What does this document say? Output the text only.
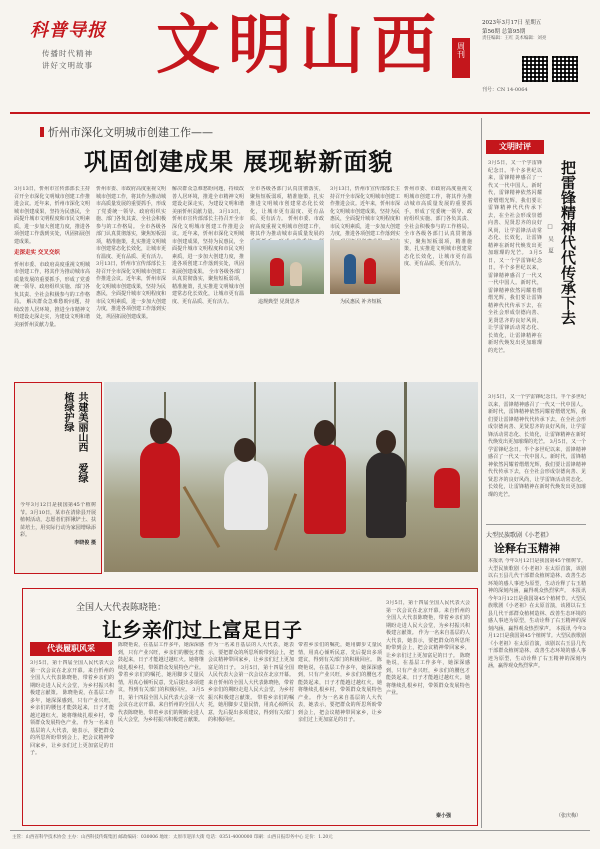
科普导报
传播时代精神
讲好文明故事 文明山西 周刊
2023年3月17日 星期五
第56期 总第95期
责任编辑：王红 美术编辑：刘亮
刊号：CN 14-0064
忻州市深化文明城市创建工作——
巩固创建成果 展现崭新面貌
3月13日，忻州市宣传部部长主持召开全市深化文明城市创建工作推进会议。近年来，忻州市深化文明城市创建成果，坚持为民惠民，全面提升城市文明程度和市民文明素质，进一步加大创建力度，推进各项创建工作落到实处，巩固拓展创建成果。
走深走实 交叉交织
忻州市委、市政府高度重视文明城市创建工作，将其作为推动城市高质量发展的重要抓手，形成了党委统一领导、政府组织实施、部门各负其责、全社会积极参与的工作格局。 解决群众急难愁盼问题，持续改善人居环境，推进全市精神文明建设走深走实，为建设文明和谐美丽忻州贡献力量。
忻州市委、市政府高度重视文明城市创建工作，将其作为推动城市高质量发展的重要抓手，形成了党委统一领导、政府组织实施、部门各负其责、全社会积极参与的工作格局。 全市各级各部门认真贯彻落实，聚焦短板弱项，精准施策，扎实推进文明城市创建常态化长效化，让城市更有温度、更有品质、更有活力。 3月13日，忻州市宣传部部长主持召开全市深化文明城市创建工作推进会议。近年来，忻州市深化文明城市创建成果，坚持为民惠民，全面提升城市文明程度和市民文明素质，进一步加大创建力度，推进各项创建工作落到实处，巩固拓展创建成果。
解决群众急难愁盼问题，持续改善人居环境，推进全市精神文明建设走深走实，为建设文明和谐美丽忻州贡献力量。 3月13日，忻州市宣传部部长主持召开全市深化文明城市创建工作推进会议。近年来，忻州市深化文明城市创建成果，坚持为民惠民，全面提升城市文明程度和市民文明素质，进一步加大创建力度，推进各项创建工作落到实处，巩固拓展创建成果。 全市各级各部门认真贯彻落实，聚焦短板弱项，精准施策，扎实推进文明城市创建常态化长效化，让城市更有温度、更有品质、更有活力。
全市各级各部门认真贯彻落实，聚焦短板弱项，精准施策，扎实推进文明城市创建常态化长效化，让城市更有温度、更有品质、更有活力。 忻州市委、市政府高度重视文明城市创建工作，将其作为推动城市高质量发展的
3月13日，忻州市宣传部部长主持召开全市深化文明城市创建工作推进会议。近年来，忻州市深化文明城市创建成果，坚持为民惠民，全面提升城市文明程度和市民文明素质，进一步加大创建力度，推进各项创建工作落到实
忻州市委、市政府高度重视文明城市创建工作，将其作为推动城市高质量发展的重要抓手，形成了党委统一领导、政府组织实施、部门各负其责、全社会积极参与的工作格局。 全市各级各部门认真贯彻落实，聚焦短板弱项，精准施策，扎实推进文明城市创建常态化长效化，让城市更有温度、更有品质、更有活力。
违规典型 见贤思齐	为民惠民 补齐短板
共建美丽山西 爱绿植绿护绿
今年3月12日是我国第45个植树节。3月10日，某市在清徐县开展植树活动，志愿者们挥锹铲土、扶苗培土，用实际行动为家园增绿添彩。
李晓俊 摄
全国人大代表陈晓艳：
让乡亲们过上富足日子
代表履职风采
3月5日，第十四届全国人民代表大会第一次会议在北京开幕。来自忻州的全国人大代表陈晓艳，带着乡亲们的期盼走进人民大会堂，为乡村振兴积极建言献策。 陈晓艳说，在基层工作多年，她深深感到，只有产业兴旺，乡亲们的腰包才能鼓起来，日子才能越过越红火。她将继续扎根乡村，带领群众发展特色产业。 作为一名来自基层的人大代表，她表示，要把群众的所思所盼带到会上，把会议精神带回家乡，让乡亲们过上更加富足的日子。
陈晓艳说，在基层工作多年，她深深感到，只有产业兴旺，乡亲们的腰包才能鼓起来，日子才能越过越红火。她将继续扎根乡村，带领群众发展特色产业。 带着乡亲们的嘱托，她用脚步丈量民情，用真心倾听民意，先后提出多项建议，得到有关部门的积极回应。 3月5日，第十四届全国人民代表大会第一次会议在北京开幕。来自忻州的全国人大代表陈晓艳，带着乡亲们的期盼走进人民大会堂，为乡村振兴积极建言献策。
作为一名来自基层的人大代表，她表示，要把群众的所思所盼带到会上，把会议精神带回家乡，让乡亲们过上更加富足的日子。 3月5日，第十四届全国人民代表大会第一次会议在北京开幕。来自忻州的全国人大代表陈晓艳，带着乡亲们的期盼走进人民大会堂，为乡村振兴积极建言献策。 带着乡亲们的嘱托，她用脚步丈量民情，用真心倾听民意，先后提出多项建议，得到有关部门的积极回应。
带着乡亲们的嘱托，她用脚步丈量民情，用真心倾听民意，先后提出多项建议，得到有关部门的积极回应。 陈晓艳说，在基层工作多年，她深深感到，只有产业兴旺，乡亲们的腰包才能鼓起来，日子才能越过越红火。她将继续扎根乡村，带领群众发展特色产业。 作为一名来自基层的人大代表，她表示，要把群众的所思所盼带到会上，把会议精神带回家乡，让乡亲们过上更加富足的日子。
3月5日，第十四届全国人民代表大会第一次会议在北京开幕。来自忻州的全国人大代表陈晓艳，带着乡亲们的期盼走进人民大会堂，为乡村振兴积极建言献策。 作为一名来自基层的人大代表，她表示，要把群众的所思所盼带到会上，把会议精神带回家乡，让乡亲们过上更加富足的日子。 陈晓艳说，在基层工作多年，她深深感到，只有产业兴旺，乡亲们的腰包才能鼓起来，日子才能越过越红火。她将继续扎根乡村，带领群众发展特色产业。
秦小强
文明时评
把雷锋精神代代传承下去
□ 吴 夏
3月5日，又一个学雷锋纪念日。半个多世纪以来，雷锋精神感召了一代又一代中国人。新时代，雷锋精神依然闪耀着熠熠光辉，我们要让雷锋精神代代传承下去，在全社会形成崇德向善、见贤思齐的良好风尚，让学雷锋活动常态化、长效化，让雷锋精神在新时代焕发出更加璀璨的光芒。 3月5日，又一个学雷锋纪念日。半个多世纪以来，雷锋精神感召了一代又一代中国人。新时代，雷锋精神依然闪耀着熠熠光辉，我们要让雷锋精神代代传承下去，在全社会形成崇德向善、见贤思齐的良好风尚，让学雷锋活动常态化、长效化，让雷锋精神在新时代焕发出更加璀璨的光芒。
3月5日，又一个学雷锋纪念日。半个多世纪以来，雷锋精神感召了一代又一代中国人。新时代，雷锋精神依然闪耀着熠熠光辉，我们要让雷锋精神代代传承下去，在全社会形成崇德向善、见贤思齐的良好风尚，让学雷锋活动常态化、长效化，让雷锋精神在新时代焕发出更加璀璨的光芒。 3月5日，又一个学雷锋纪念日。半个多世纪以来，雷锋精神感召了一代又一代中国人。新时代，雷锋精神依然闪耀着熠熠光辉，我们要让雷锋精神代代传承下去，在全社会形成崇德向善、见贤思齐的良好风尚，让学雷锋活动常态化、长效化，让雷锋精神在新时代焕发出更加璀璨的光芒。
大型民族歌剧《小老祖》
诠释右玉精神
本报讯 今年3月12日是我国第45个植树节。大型民族歌剧《小老祖》在太原首演，该剧以右玉县几代干部群众植树造林、改善生态环境的感人事迹为原型，生动诠释了右玉精神的深刻内涵，赢得观众热烈掌声。 本报讯 今年3月12日是我国第45个植树节。大型民族歌剧《小老祖》在太原首演，该剧以右玉县几代干部群众植树造林、改善生态环境的感人事迹为原型，生动诠释了右玉精神的深刻内涵，赢得观众热烈掌声。 本报讯 今年3月12日是我国第45个植树节。大型民族歌剧《小老祖》在太原首演，该剧以右玉县几代干部群众植树造林、改善生态环境的感人事迹为原型，生动诠释了右玉精神的深刻内涵，赢得观众热烈掌声。
（张庆梅）
主管：山西省科学技术协会 主办：山西科技传媒集团 邮政编码：030006 地址：太原市迎泽大街 电话：0351-4000000 印刷：山西日报印务中心 定价：1.20元
